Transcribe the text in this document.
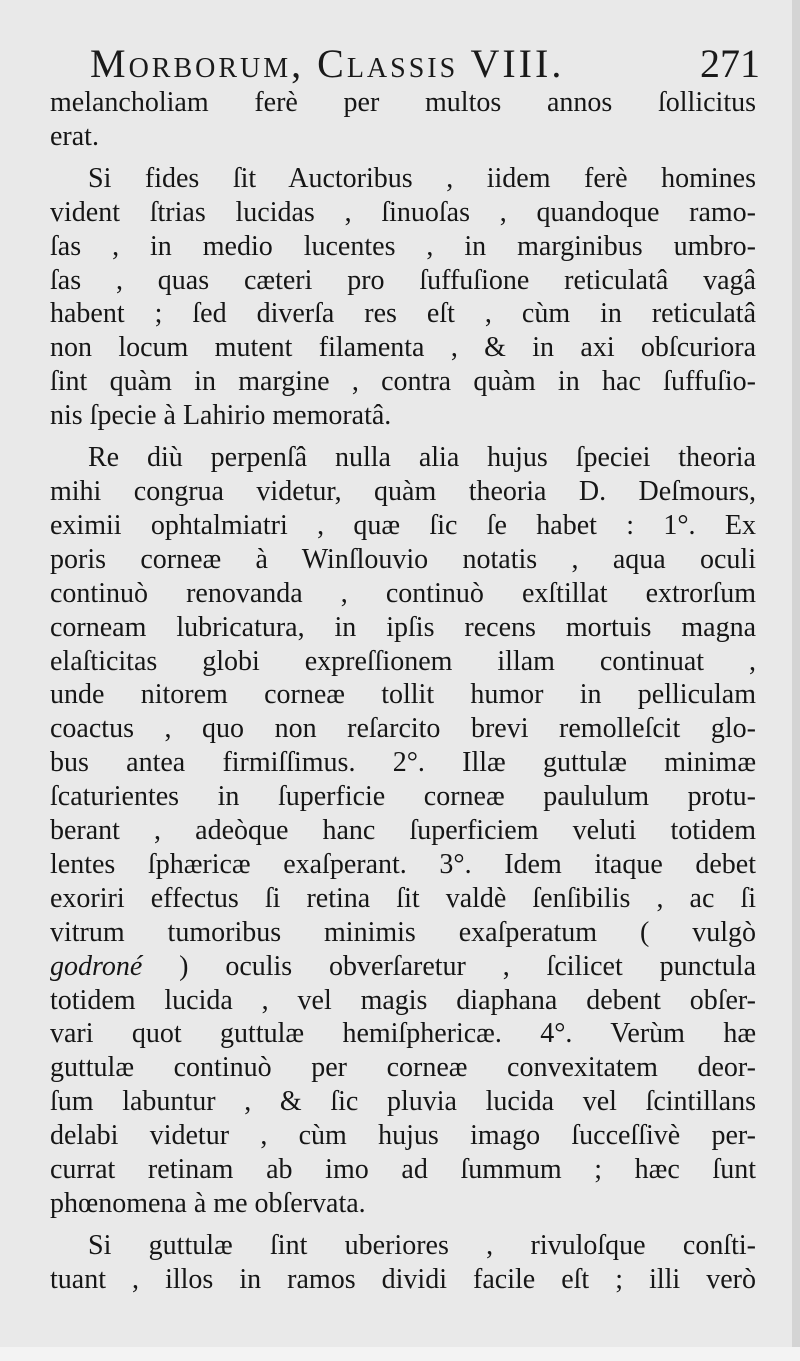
Morborum, Classis VIII.	271
melancholiam ferè per multos annos ſollicitus
erat.
Si fides ſit Auctoribus , iidem ferè homines
vident ſtrias lucidas , ſinuoſas , quandoque ramo-
ſas , in medio lucentes , in marginibus umbro-
ſas , quas cæteri pro ſuffuſione reticulatâ vagâ
habent ; ſed diverſa res eſt , cùm in reticulatâ
non locum mutent filamenta , & in axi obſcuriora
ſint quàm in margine , contra quàm in hac ſuffuſio-
nis ſpecie à Lahirio memoratâ.
Re diù perpenſâ nulla alia hujus ſpeciei theoria
mihi congrua videtur, quàm theoria D. Deſmours,
eximii ophtalmiatri , quæ ſic ſe habet : 1°. Ex
poris corneæ à Winſlouvio notatis , aqua oculi
continuò renovanda , continuò exſtillat extrorſum
corneam lubricatura, in ipſis recens mortuis magna
elaſticitas globi expreſſionem illam continuat ,
unde nitorem corneæ tollit humor in pelliculam
coactus , quo non reſarcito brevi remolleſcit glo-
bus antea firmiſſimus. 2°. Illæ guttulæ minimæ
ſcaturientes in ſuperficie corneæ paululum protu-
berant , adeòque hanc ſuperficiem veluti totidem
lentes ſphæricæ exaſperant. 3°. Idem itaque debet
exoriri effectus ſi retina ſit valdè ſenſibilis , ac ſi
vitrum tumoribus minimis exaſperatum ( vulgò
godroné ) oculis obverſaretur , ſcilicet punctula
totidem lucida , vel magis diaphana debent obſer-
vari quot guttulæ hemiſphericæ. 4°. Verùm hæ
guttulæ continuò per corneæ convexitatem deor-
ſum labuntur , & ſic pluvia lucida vel ſcintillans
delabi videtur , cùm hujus imago ſucceſſivè per-
currat retinam ab imo ad ſummum ; hæc ſunt
phœnomena à me obſervata.
Si guttulæ ſint uberiores , rivuloſque conſti-
tuant , illos in ramos dividi facile eſt ; illi verò
